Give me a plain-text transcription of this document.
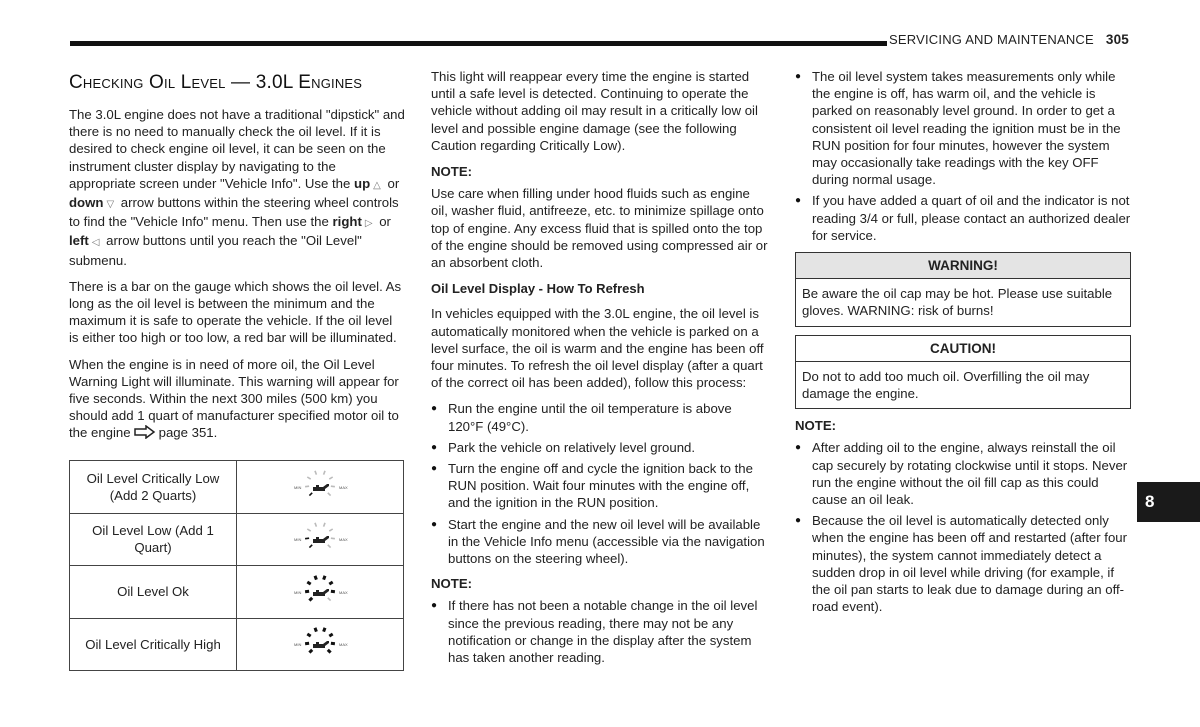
SERVICING AND MAINTENANCE 305
Checking Oil Level — 3.0L Engines

The 3.0L engine does not have a traditional "dipstick" and there is no need to manually check the oil level. If it is desired to check engine oil level, it can be seen on the instrument cluster display by navigating to the appropriate screen under "Vehicle Info". Use the up △ or down ▽ arrow buttons within the steering wheel controls to find the "Vehicle Info" menu. Then use the right ▷ or left ◁ arrow buttons until you reach the "Oil Level" submenu.

There is a bar on the gauge which shows the oil level. As long as the oil level is between the minimum and the maximum it is safe to operate the vehicle. If the oil level is either too high or too low, a red bar will be illuminated.

When the engine is in need of more oil, the Oil Level Warning Light will illuminate. This warning will appear for five seconds. Within the next 300 miles (500 km) you should add 1 quart of manufacturer specified motor oil to the engine page 351.

Oil Level Critically Low (Add 2 Quarts)	MIN MAX

Oil Level Low (Add 1 Quart)	MIN MAX

Oil Level Ok	MIN MAX

Oil Level Critically High	MIN MAX

This light will reappear every time the engine is started until a safe level is detected. Continuing to operate the vehicle without adding oil may result in a critically low oil level and possible engine damage (see the following Caution regarding Critically Low).

NOTE:

Use care when filling under hood fluids such as engine oil, washer fluid, antifreeze, etc. to minimize spillage onto top of engine. Any excess fluid that is spilled onto the top of the engine should be removed using compressed air or an absorbent cloth.

Oil Level Display - How To Refresh

In vehicles equipped with the 3.0L engine, the oil level is automatically monitored when the vehicle is parked on a level surface, the oil is warm and the engine has been off four minutes. To refresh the oil level display (after a quart of the correct oil has been added), follow this process:

● Run the engine until the oil temperature is above 120°F (49°C).
● Park the vehicle on relatively level ground.
● Turn the engine off and cycle the ignition back to the RUN position. Wait four minutes with the engine off, and the ignition in the RUN position.
● Start the engine and the new oil level will be available in the Vehicle Info menu (accessible via the navigation buttons on the steering wheel).
NOTE:
● If there has not been a notable change in the oil level since the previous reading, there may not be any notification or change in the display after the system has taken another reading.
● The oil level system takes measurements only while the engine is off, has warm oil, and the vehicle is parked on reasonably level ground. In order to get a consistent oil level reading the ignition must be in the RUN position for four minutes, however the system may occasionally take readings with the key OFF during normal usage.
● If you have added a quart of oil and the indicator is not reading 3/4 or full, please contact an authorized dealer for service.
WARNING!
Be aware the oil cap may be hot. Please use suitable gloves. WARNING: risk of burns!
CAUTION!
Do not to add too much oil. Overfilling the oil may damage the engine.
NOTE:
● After adding oil to the engine, always reinstall the oil cap securely by rotating clockwise until it stops. Never run the engine without the oil fill cap as this could cause an oil leak.
● Because the oil level is automatically detected only when the engine has been off and restarted (after four minutes), the system cannot immediately detect a sudden drop in oil level while driving (for example, if the oil pan starts to leak due to damage during an off-road event).
8
